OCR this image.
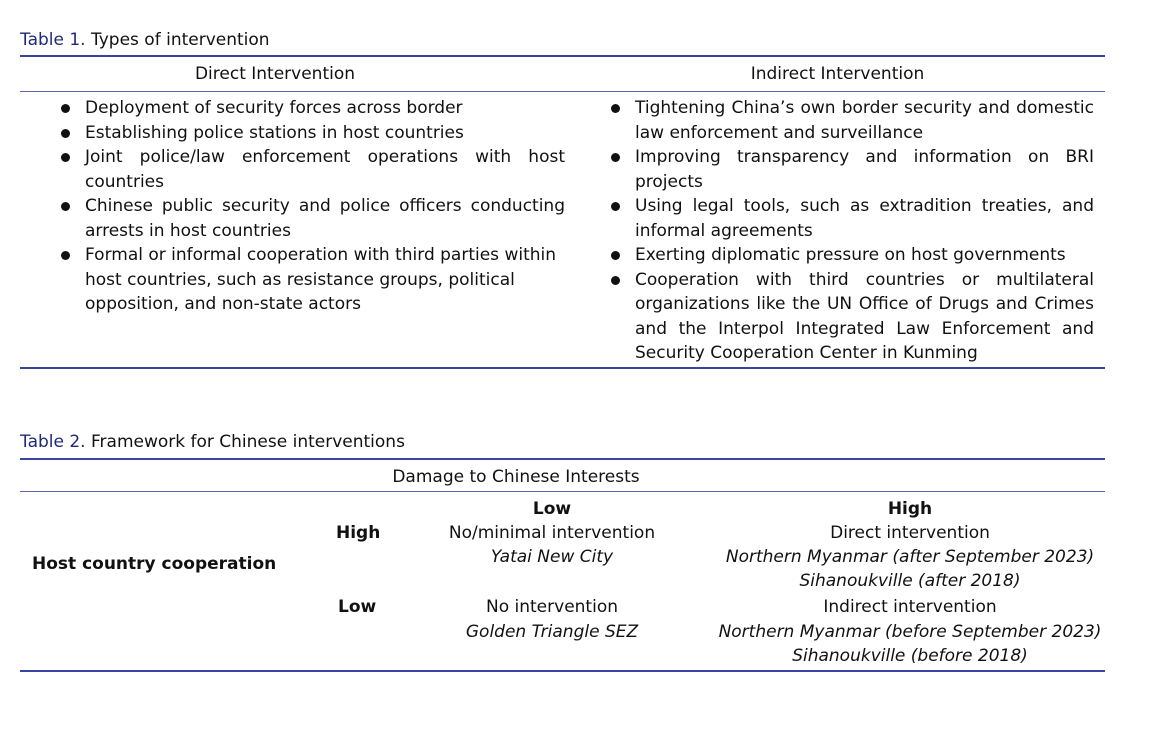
Table 1. Types of intervention
Direct Intervention	Indirect Intervention
Deployment of security forces across border
Establishing police stations in host countries
Joint police/law enforcement operations with host countries
Chinese public security and police officers conducting arrests in host countries
Formal or informal cooperation with third parties within host countries, such as resistance groups, political opposition, and non-state actors
Tightening China’s own border security and domestic law enforcement and surveillance
Improving transparency and information on BRI projects
Using legal tools, such as extradition treaties, and informal agreements
Exerting diplomatic pressure on host governments
Cooperation with third countries or multilateral organizations like the UN Office of Drugs and Crimes and the Interpol Integrated Law Enforcement and Security Cooperation Center in Kunming
Table 2. Framework for Chinese interventions
Damage to Chinese Interests
Low	High
Host country cooperation
High
Low
No/minimal intervention
Yatai New City
Direct intervention
Northern Myanmar (after September 2023)
Sihanoukville (after 2018)
No intervention
Golden Triangle SEZ
Indirect intervention
Northern Myanmar (before September 2023)
Sihanoukville (before 2018)
